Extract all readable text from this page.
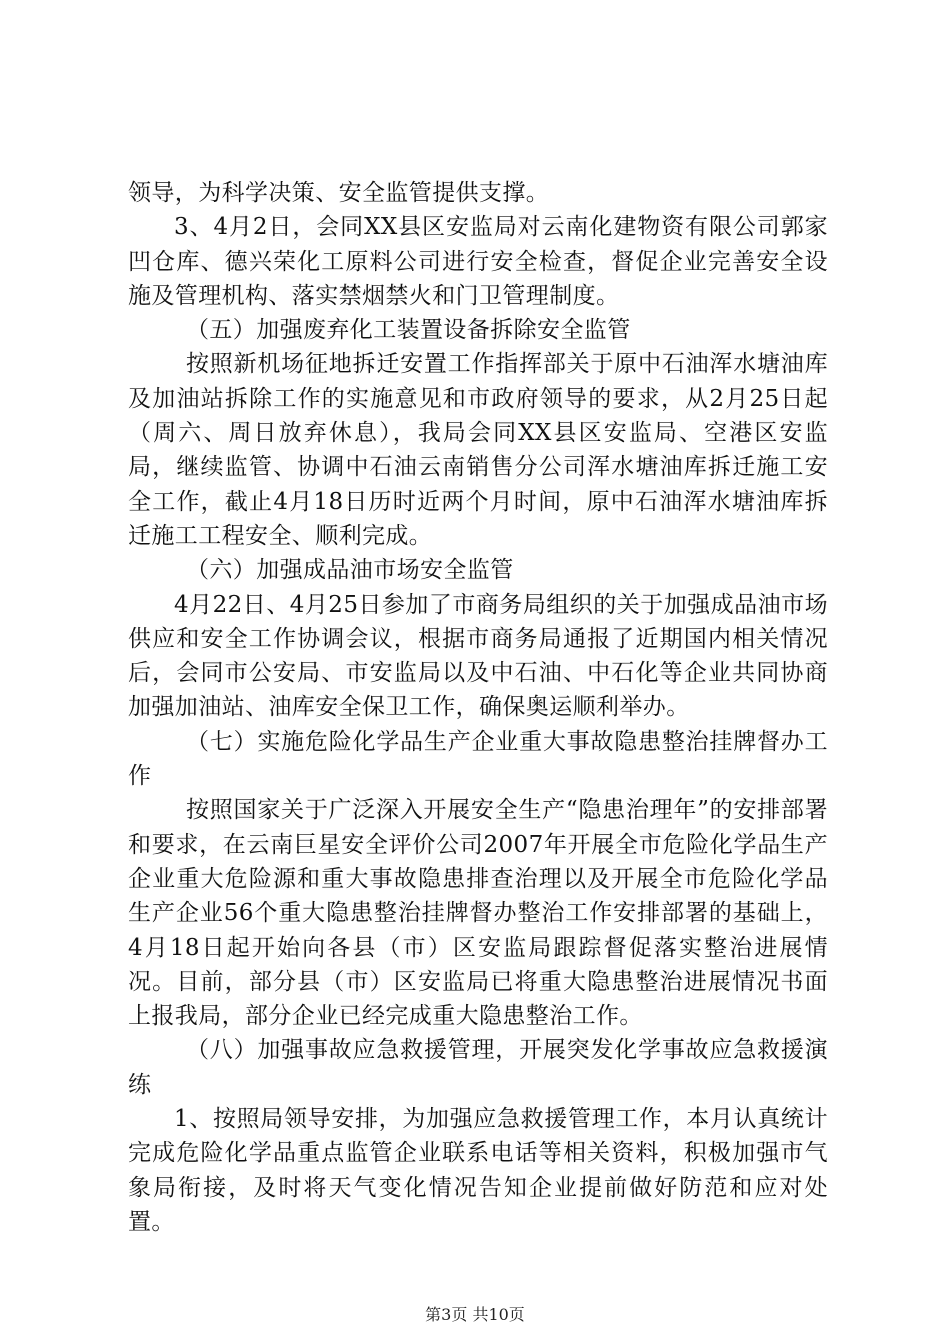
领导，为科学决策、安全监管提供支撑。

3、4月2日，会同XX县区安监局对云南化建物资有限公司郭家凹仓库、德兴荣化工原料公司进行安全检查，督促企业完善安全设施及管理机构、落实禁烟禁火和门卫管理制度。

（五）加强废弃化工装置设备拆除安全监管

按照新机场征地拆迁安置工作指挥部关于原中石油浑水塘油库及加油站拆除工作的实施意见和市政府领导的要求，从2月25日起（周六、周日放弃休息），我局会同XX县区安监局、空港区安监局，继续监管、协调中石油云南销售分公司浑水塘油库拆迁施工安全工作，截止4月18日历时近两个月时间，原中石油浑水塘油库拆迁施工工程安全、顺利完成。

（六）加强成品油市场安全监管

4月22日、4月25日参加了市商务局组织的关于加强成品油市场供应和安全工作协调会议，根据市商务局通报了近期国内相关情况后，会同市公安局、市安监局以及中石油、中石化等企业共同协商加强加油站、油库安全保卫工作，确保奥运顺利举办。

（七）实施危险化学品生产企业重大事故隐患整治挂牌督办工作

按照国家关于广泛深入开展安全生产“隐患治理年”的安排部署和要求，在云南巨星安全评价公司2007年开展全市危险化学品生产企业重大危险源和重大事故隐患排查治理以及开展全市危险化学品生产企业56个重大隐患整治挂牌督办整治工作安排部署的基础上，4月18日起开始向各县（市）区安监局跟踪督促落实整治进展情况。目前，部分县（市）区安监局已将重大隐患整治进展情况书面上报我局，部分企业已经完成重大隐患整治工作。

（八）加强事故应急救援管理，开展突发化学事故应急救援演练

1、按照局领导安排，为加强应急救援管理工作，本月认真统计完成危险化学品重点监管企业联系电话等相关资料，积极加强市气象局衔接，及时将天气变化情况告知企业提前做好防范和应对处置。

第3页 共10页
